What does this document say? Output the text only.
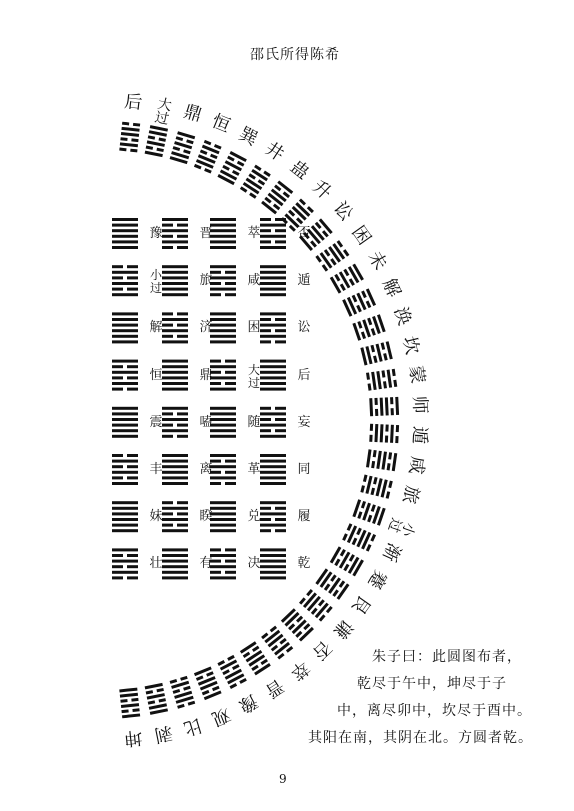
邵氏所得陈希
后 大过 鼎 恒 巽
井
蛊
升
讼
困
未
解
涣
坎
蒙
师
遁
咸
旅
小过
渐
蹇
艮
谦
否
萃
晋
豫
观
比
剥
坤
豫
小过
解
恒
震
丰
妹
壮
晋
旅
济
鼎
嗑
离
睽
有
萃
咸
困
大过
随
革
兑
决
否
遁
讼
后
妄
同
履
乾
朱子曰：此圆图布者，
乾尽于午中，坤尽于子
中，离尽卯中，坎尽于酉中。
其阳在南，其阴在北。方圆者乾。
9
